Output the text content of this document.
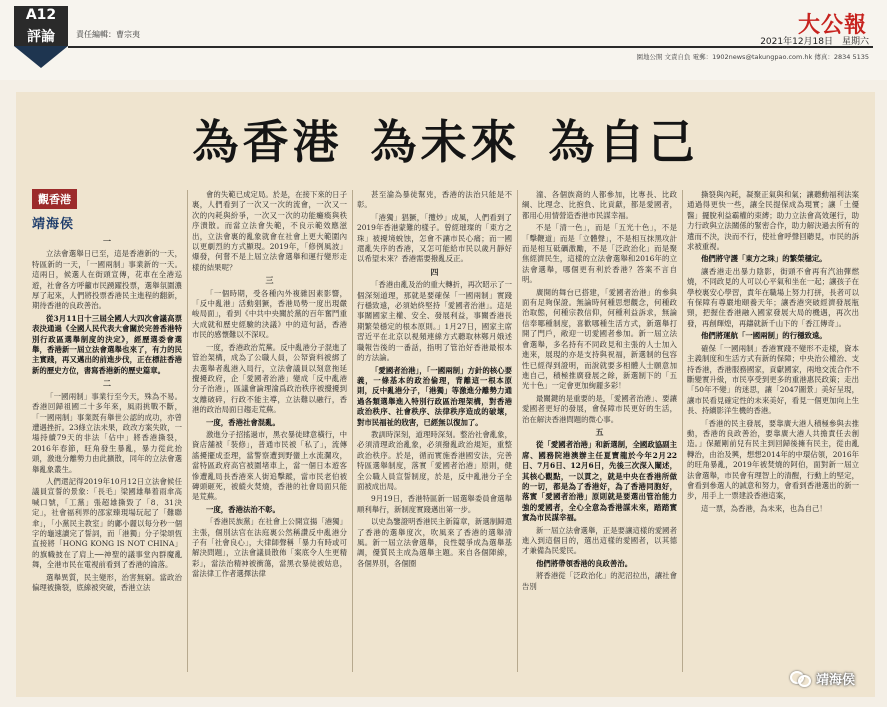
A12
評論	責任編輯：曹宗夷	大公報
2021年12月18日　星期六
園地公開 文責自負 電郵：1902news@takungpao.com.hk 傳真：2834 5135
為香港 為未來 為自己
觀香港
靖海侯
一

立法會選舉日已至，這是香港新的一天，特區新的一天，「一國兩制」事業新的一天。這兩日，候選人在街頭宣傳，花車在全港巡遊，社會各方呼籲市民踴躍投票，選舉氛圍濃厚了起來，人們將投票香港民主進程的翻新，期待香港的良政善治。

從3月11日十三屆全國人大四次會議高票表決通過《全國人民代表大會關於完善香港特別行政區選舉制度的決定》，經歷選委會選舉，香港新一屆立法會選舉也來了，有力的民主實踐，再又邁出的前進步伐，正在標註香港新的歷史方位，書寫香港新的歷史篇章。

二

「一國兩制」事業行至今天，殊為不易。香港回歸祖國二十多年來，風雨挑戰不斷，「一國兩制」事業既有舉世公認的成功，亦曾遭遇挫折。23條立法未果，政改方案失敗，一場持續79天的非法「佔中」將香港撕裂，2016年春節，旺角發生暴亂，暴力從此抬頭，激進分離勢力由此擴散，同年的立法會選舉亂象叢生。

人們還記得2019年10月12日立法會候任議員宣誓的景象：「長毛」梁國雄舉着雨傘高喊口號，「工黨」張超雄撕毀了「8．31決定」，社會福利界的邵家臻現場玩起了「難聯傘」，「小黨民主教室」的鄺小麗以每分秒一個字的龜速讀完了誓詞，而「港獨」分子梁頌恆直接將「HONG KONG IS NOT CHINA」的旗幟披在了肩上──神聖的議事堂內群魔亂舞，全港市民在電視前看到了香港的淪落。

選舉異質，民主變形，治害無窮。當政治偏理被撕裂，底線被突破，香港立法

會的失範已成定局。於是，在接下來的日子裏，人們看到了一次又一次的流會，一次又一次的內耗與紛爭，一次又一次的功能癱瘓與秩序潰散。而當立法會失範，不良示範效應滋出，立法會裏的亂象就會在社會上更大範圍內以更劇烈的方式顯現。2019年，「修例風波」爆發，何嘗不是上屆立法會選舉和運行變形走樣的結果呢？

三

「一個時期，受各種內外複雜因素影響，「反中亂港」活動猖獗，香港局勢一度出現嚴峻局面」，看到《中共中央關於黨的百年奮鬥重大成就和歷史經驗的決議》中的這句話，香港市民的感懷難以不深叹。

一度，香港政治荒蕪。反中亂港分子混進了管治架構，成為了公職人員，公帑資料被綁了去選舉者亂港入局行，立法會議員以刻意拖延攪擾政府，企「愛國者治港」變成「反中亂港分子治港」，區議會論理淪爲政治秩序被攪擾到支離破碎，行政不能主導，立法難以融行，香港的政治局面日趨走荒蕪。

一度，香港社會混亂。

激進分子招搖過市，黑衣暴徒肆意橫行，中資店舖被「裝修」，普通市民被「私了」，流傳謠擾擺成歪理，當警察遭到野蠻上水流瀾攻，當特區政府高官被圍堵車上，當一個日本遊客慘遭亂局長香港來人街追擊蹤，當市民老伯被磚頭砸死，被縱火焚燒，香港的社會局面只能是荒蕪。

一度，香港法治不彰。

「香港民族黨」在社會上公開宣揚「港獨」主張，個別法官在法庭裏公然稱讚反中亂港分子有「社會良心」，大律師聲稱「暴力有時或可解決問題」，立法會議員散佈「案底令人生更精彩」，當法治精神被衝蕩，當黑衣暴徒被姑息，當法律工作者選擇法律

甚至淪為暴徒幫兇，香港的法治只能是不彰。

「港獨」猖獗，「攬炒」成風，人們看到了2019年香港蒙難的樣子。曾經璀璨的「東方之珠」被擾境蛻蚀，怎會不讓市民心痛；而一國還亂失序的香港，又怎可能給市民以歲月靜好以希望未來？香港需要撥亂反正。

四

「香港由亂及治的重大轉折，再次昭示了一個深刻道理，那就是要確保「一國兩制」實踐行穩致遠，必須始終堅持「愛國者治港」。這是事關國家主權、安全、發展利益，事關香港長期繁榮穩定的根本原則。」1月27日，國家主席習近平在北京以視頻連線方式聽取林鄭月娥述職報告後的一番話，指明了管治好香港最根本的方法論。

「愛國者治港」，「一國兩制」方針的核心要義，一條基本的政治倫理，背離這一根本原則，反中亂港分子，「港獨」等激進分離勢力通過各類選舉進入特別行政區治理架構，對香港政治秩序、社會秩序、法律秩序造成的破壞，對市民福祉的戕害，已經無以復加了。

教訓時深刻，道理時深刻。整治社會亂象，必須清理政治亂象，必須撥亂政治規矩，重整政治秩序。於是，循而實施香港國安法，完善特區選舉制度，落實「愛國者治港」原則，健全公職人員宣誓制度，於是，反中亂港分子全面被成出局。

9月19日，香港特區新一屆選舉委員會選舉順利舉行，新制度實踐邁出第一步。

以史為鑒證明香港民主新篇章，新選制歸還了香港的選舉度次，吹風來了香港的選舉清風。新一屆立法會選舉，良性競爭成為選舉基調，優質民主成為選舉主題。來自各個陣線，各個界別，各個圈

潼、各個族裔的人都參加，比專長、比政綱、比理念、比抱負、比貢獻，都是愛國者，都用心用情營造香港市民謀幸福。

不是「清一色」，而是「五光十色」，不是「擊鞭道」而是「立體聲」，不是相互抹黑攻計而是相互砥礪激勵，不是「泛政治化」而是聚焦經濟民生，這樣的立法會選舉和2016年的立法會選舉，哪個更有利於香港？答案不言自明。

廣開的舞台已搭建，「愛國者治港」的參與面有足夠保證。無論時何種思想觀念，何種政治取態，何種宗教信仰，何種利益訴求，無論信奉哪種制度，喜歡哪種生活方式，新選舉打開了門戶，敞迎一切愛國者參加。新一屆立法會選舉，多名持有不同政見和主張的人士加入進來，展現的亦是支持與祝福，新選制的包容性已經得到證明，而說就要多相體人士願意加進自己，積極推廣發展之餘，新選制下的「五光十色」一定會更加絢麗多彩！

最關鍵的是重要的是，「愛國者治港」、要讓愛國者更好的發展，會保障市民更好的生活，治在解決香港問題的微心事。

五

從「愛國者治港」和新選制，全國政協副主席、國務院港澳辦主任夏寶龍於今年2月22日、7月6日、12月6日，先後三次深入闡述，其核心觀點，一以貫之，就是中央在香港所做的一切，都是為了香港好，為了香港同胞好，落實「愛國者治港」原則就是要選出管治能力強的愛國者，全心全意為香港謀未來，踏踏實實為市民謀幸福。

新一屆立法會選舉，正是要讓這樣的愛國者進入到這個目的，選出這樣的愛國者，以其德才兼備為民愛民。

他們將帶領香港的良政善治。

將香港從「泛政治化」的泥沼拉出，讓社會告別

撕裂與內耗，凝聚正氣與和氣；讓聽動福利法案通過得更快一些，讓全民提保成為現實；讓「土優醫」擺脫利益霸權的束縛；助力立法會高效運行，助力行政與立法關係的緊密合作，助力解決過去所有的遺而不決，決而不行，使社會呼聲回聽見，市民的訴求被重視。

他們將守護「東方之珠」的繁榮穩定。

讓香港走出暴力陰影，街頭不會再有汽油彈燃燒，不同政見的人可以心平氣和坐在一起；讓孩子在學校裏安心學習，責年在職場上努力打拼，長者可以有保障有尊嚴地頤養天年；讓香港突破經濟發展瓶頸，把握住香港融入國家發展大局的機遇，再次出發，再創輝煌，再鑄就新千山下的「香江傳奇」。

他們將運航「一國兩制」的行穩致遠。

確保「一國兩制」香港實踐不變形不走樣，資本主義制度和生活方式有新的保障；中央治公權治、支持香港，香港服務國家，貢獻國家，兩地交流合作不斷變實升級，市民享受到更多的重港惠民政策；走出「50年不變」的迷思，讓「2047圖景」美好呈現，讓市民看見確定性的未來美好，看見一個更加向上生長、持續影洋生機的香港。

「香港的民主發展，要靠廣大港人積極參與去推動，香港的良政善治，要靠廣大港人共擔責任去創造。」保羅剛前兒有民主到回歸後擁有民主，從由亂轉治，由治及興，想想2014年的中環佔領，2016年的旺角暴亂，2019年被焚燒的阿伯，面對新一屆立法會選舉，市民會有理智上的清醒，行動上的堅定，會看到參選人的誠意和努力，會看到香港選出的新一步，用手上一票建設香港這案，

這一票，為香港，為未來，也為自己！

靖海侯
